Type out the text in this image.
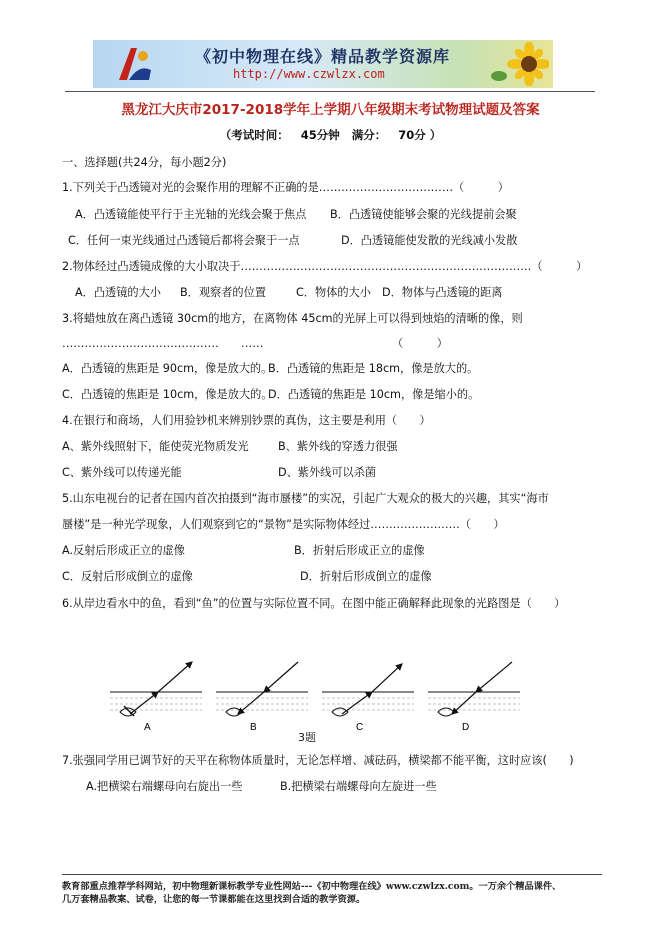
《初中物理在线》精品教学资源库
http://www.czwlzx.com
黑龙江大庆市2017-2018学年上学期八年级期末考试物理试题及答案
（考试时间： 45分钟 满分： 70分 ）
一、选择题(共24分，每小题2分)
1.下列关于凸透镜对光的会聚作用的理解不正确的是………………………………（　　　）
A．凸透镜能使平行于主光轴的光线会聚于焦点 B．凸透镜使能够会聚的光线提前会聚
C．任何一束光线通过凸透镜后都将会聚于一点	D．凸透镜能使发散的光线减小发散
2.物体经过凸透镜成像的大小取决于……………………………………………………………………（　　　）
A．凸透镜的大小 B．观察者的位置	C．物体的大小 D．物体与凸透镜的距离
3.将蜡烛放在离凸透镜 30cm的地方，在离物体 45cm的光屏上可以得到烛焰的清晰的像，则
……………………………………　　……　　　　　　　　　　　　（　　　）
A．凸透镜的焦距是 90cm，像是放大的。
B．凸透镜的焦距是 18cm，像是放大的。
C．凸透镜的焦距是 10cm，像是放大的。
D．凸透镜的焦距是 10cm，像是缩小的。
4.在银行和商场，人们用验钞机来辨别钞票的真伪，这主要是利用（　　）
A、紫外线照射下，能使荧光物质发光	B、紫外线的穿透力很强
C、紫外线可以传递光能	D、紫外线可以杀菌
5.山东电视台的记者在国内首次拍摄到“海市蜃楼”的实况，引起广大观众的极大的兴趣，其实“海市
蜃楼”是一种光学现象，人们观察到它的“景物”是实际物体经过……………………（　　）
A.反射后形成正立的虚像	B．折射后形成正立的虚像
C．反射后形成倒立的虚像	D．折射后形成倒立的虚像
6.从岸边看水中的鱼，看到“鱼”的位置与实际位置不同。在图中能正确解释此现象的光路图是（　　）
A	B	C	D
3题
7.张强同学用已调节好的天平在称物体质量时，无论怎样增、减砝码，横梁都不能平衡，这时应该(　　)
A.把横梁右端螺母向右旋出一些	B.把横梁右端螺母向左旋进一些
教育部重点推荐学科网站，初中物理新课标教学专业性网站---《初中物理在线》www.czwlzx.com。一万余个精品课件、
几万套精品教案、试卷，让您的每一节课都能在这里找到合适的教学资源。
